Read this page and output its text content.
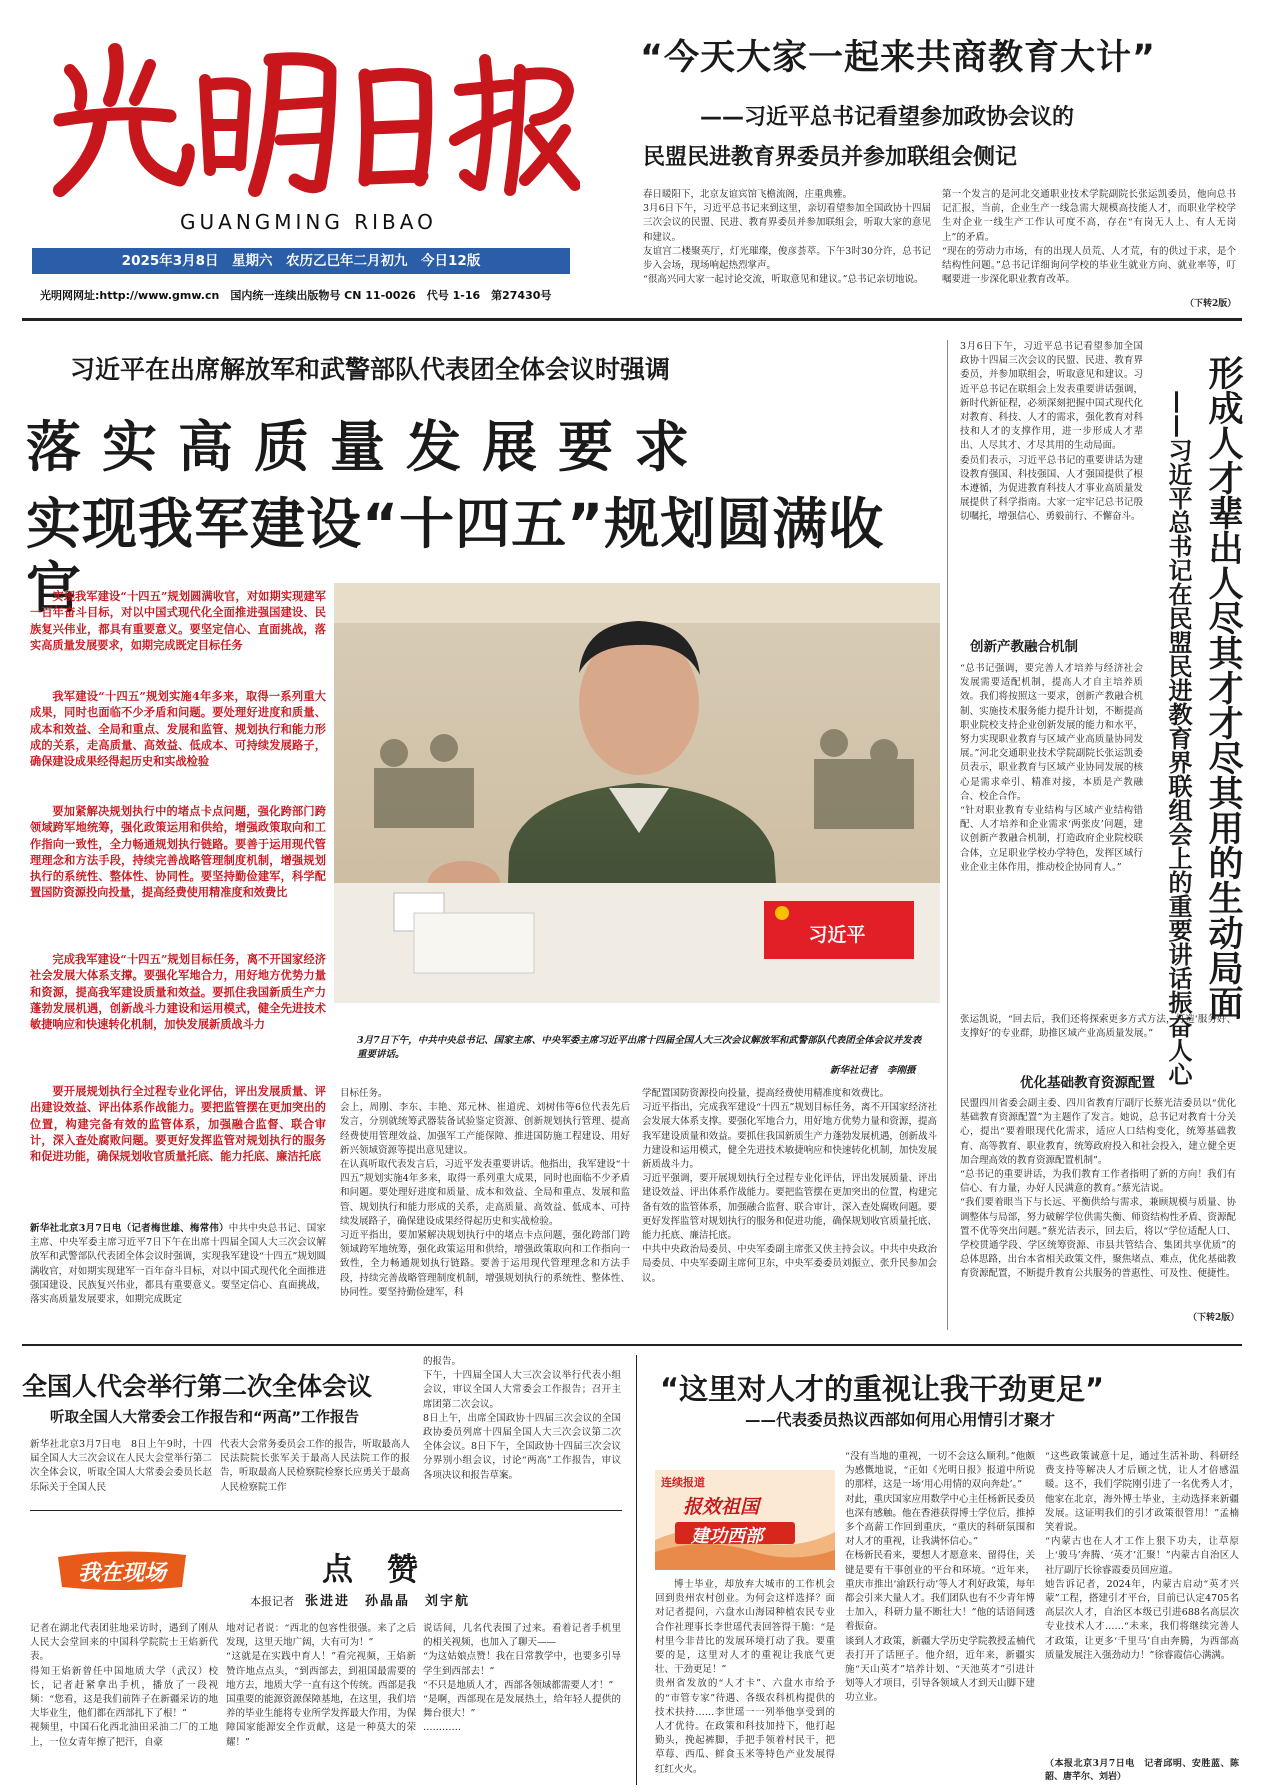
GUANGMING RIBAO
2025年3月8日　星期六　农历乙巳年二月初九　今日12版
光明网网址:http://www.gmw.cn　国内统一连续出版物号 CN 11-0026　代号 1-16　第27430号
“今天大家一起来共商教育大计”
——习近平总书记看望参加政协会议的
民盟民进教育界委员并参加联组会侧记
春日暖阳下，北京友谊宾馆飞檐流阁，庄重典雅。
3月6日下午，习近平总书记来到这里，亲切看望参加全国政协十四届三次会议的民盟、民进、教育界委员并参加联组会，听取大家的意见和建议。
友谊宫二楼聚英厅，灯光璀璨，俊彦荟萃。下午3时30分许，总书记步入会场，现场响起热烈掌声。
“很高兴同大家一起讨论交流，听取意见和建议。”总书记亲切地说。
第一个发言的是河北交通职业技术学院副院长张运凯委员，他向总书记汇报，当前，企业生产一线急需大规模高技能人才，而职业学校学生对企业一线生产工作认可度不高，存在“有岗无人上、有人无岗上”的矛盾。
“现在的劳动力市场，有的出现人员荒、人才荒，有的供过于求，是个结构性问题。”总书记详细询问学校的毕业生就业方向、就业率等，叮嘱要进一步深化职业教育改革。
（下转2版）
习近平在出席解放军和武警部队代表团全体会议时强调
落实高质量发展要求
实现我军建设“十四五”规划圆满收官
实现我军建设“十四五”规划圆满收官，对如期实现建军一百年奋斗目标，对以中国式现代化全面推进强国建设、民族复兴伟业，都具有重要意义。要坚定信心、直面挑战，落实高质量发展要求，如期完成既定目标任务
我军建设“十四五”规划实施4年多来，取得一系列重大成果，同时也面临不少矛盾和问题。要处理好进度和质量、成本和效益、全局和重点、发展和监管、规划执行和能力形成的关系，走高质量、高效益、低成本、可持续发展路子，确保建设成果经得起历史和实战检验
要加紧解决规划执行中的堵点卡点问题，强化跨部门跨领域跨军地统筹，强化政策运用和供给，增强政策取向和工作指向一致性，全力畅通规划执行链路。要善于运用现代管理理念和方法手段，持续完善战略管理制度机制，增强规划执行的系统性、整体性、协同性。要坚持勤俭建军，科学配置国防资源投向投量，提高经费使用精准度和效费比
完成我军建设“十四五”规划目标任务，离不开国家经济社会发展大体系支撑。要强化军地合力，用好地方优势力量和资源，提高我军建设质量和效益。要抓住我国新质生产力蓬勃发展机遇，创新战斗力建设和运用模式，健全先进技术敏捷响应和快速转化机制，加快发展新质战斗力
要开展规划执行全过程专业化评估，评出发展质量、评出建设效益、评出体系作战能力。要把监管摆在更加突出的位置，构建完备有效的监管体系，加强融合监督、联合审计，深入查处腐败问题。要更好发挥监管对规划执行的服务和促进功能，确保规划收官质量托底、能力托底、廉洁托底
习近平
3月7日下午，中共中央总书记、国家主席、中央军委主席习近平出席十四届全国人大三次会议解放军和武警部队代表团全体会议并发表重要讲话。
新华社记者　李刚摄
新华社北京3月7日电（记者梅世雄、梅常伟）中共中央总书记、国家主席、中央军委主席习近平7日下午在出席十四届全国人大三次会议解放军和武警部队代表团全体会议时强调，实现我军建设“十四五”规划圆满收官，对如期实现建军一百年奋斗目标，对以中国式现代化全面推进强国建设、民族复兴伟业，都具有重要意义。要坚定信心、直面挑战，落实高质量发展要求，如期完成既定
目标任务。
会上，周刚、李东、丰艳、郑元林、崔道虎、刘树伟等6位代表先后发言，分别就统筹武器装备试验鉴定资源、创新规划执行管理、提高经费使用管理效益、加强军工产能保障、推进国防施工程建设、用好新兴领域资源等提出意见建议。
在认真听取代表发言后，习近平发表重要讲话。他指出，我军建设“十四五”规划实施4年多来，取得一系列重大成果，同时也面临不少矛盾和问题。要处理好进度和质量、成本和效益、全局和重点、发展和监管、规划执行和能力形成的关系，走高质量、高效益、低成本、可持续发展路子，确保建设成果经得起历史和实战检验。
习近平指出，要加紧解决规划执行中的堵点卡点问题，强化跨部门跨领域跨军地统筹，强化政策运用和供给，增强政策取向和工作指向一致性，全力畅通规划执行链路。要善于运用现代管理理念和方法手段，持续完善战略管理制度机制，增强规划执行的系统性、整体性、协同性。要坚持勤俭建军，科
学配置国防资源投向投量，提高经费使用精准度和效费比。
习近平指出，完成我军建设“十四五”规划目标任务，离不开国家经济社会发展大体系支撑。要强化军地合力，用好地方优势力量和资源，提高我军建设质量和效益。要抓住我国新质生产力蓬勃发展机遇，创新战斗力建设和运用模式，健全先进技术敏捷响应和快速转化机制，加快发展新质战斗力。
习近平强调，要开展规划执行全过程专业化评估，评出发展质量、评出建设效益、评出体系作战能力。要把监管摆在更加突出的位置，构建完备有效的监管体系，加强融合监督、联合审计，深入查处腐败问题。要更好发挥监管对规划执行的服务和促进功能，确保规划收官质量托底、能力托底、廉洁托底。
中共中央政治局委员、中央军委副主席张又侠主持会议。中共中央政治局委员、中央军委副主席何卫东，中央军委委员刘振立、张升民参加会议。
形成人才辈出人尽其才才尽其用的生动局面
——习近平总书记在民盟民进教育界联组会上的重要讲话振奋人心
3月6日下午，习近平总书记看望参加全国政协十四届三次会议的民盟、民进、教育界委员，并参加联组会，听取意见和建议。习近平总书记在联组会上发表重要讲话强调，新时代新征程，必须深刻把握中国式现代化对教育、科技、人才的需求，强化教育对科技和人才的支撑作用，进一步形成人才辈出、人尽其才、才尽其用的生动局面。
委员们表示，习近平总书记的重要讲话为建设教育强国、科技强国、人才强国提供了根本遵循，为促进教育科技人才事业高质量发展提供了科学指南。大家一定牢记总书记殷切嘱托，增强信心、勇毅前行、不懈奋斗。
创新产教融合机制
“总书记强调，要完善人才培养与经济社会发展需要适配机制，提高人才自主培养质效。我们将按照这一要求，创新产教融合机制、实施技术服务能力提升计划，不断提高职业院校支持企业创新发展的能力和水平，努力实现职业教育与区域产业高质量协同发展。”河北交通职业技术学院副院长张运凯委员表示，职业教育与区域产业协同发展的核心是需求牵引、精准对接，本质是产教融合、校企合作。
“针对职业教育专业结构与区域产业结构错配、人才培养和企业需求‘两张皮’问题，建议创新产教融合机制，打造政府企业院校联合体，立足职业学校办学特色，发挥区域行业企业主体作用，推动校企协同育人。”
张运凯说，“回去后，我们还将探索更多方式方法，打造‘服务好、支撑好’的专业群，助推区域产业高质量发展。”
优化基础教育资源配置
民盟四川省委会副主委、四川省教育厅副厅长蔡光洁委员以“优化基础教育资源配置”为主题作了发言。她说，总书记对教育十分关心，提出“要着眼现代化需求，适应人口结构变化，统筹基础教育、高等教育、职业教育，统筹政府投入和社会投入，建立健全更加合理高效的教育资源配置机制”。
“总书记的重要讲话，为我们教育工作者指明了新的方向！我们有信心、有力量，办好人民满意的教育。”蔡光洁说。
“我们要着眼当下与长远、平衡供给与需求，兼顾规模与质量、协调整体与局部，努力破解学位供需失衡、师资结构性矛盾、资源配置不优等突出问题。”蔡光洁表示，回去后，将以“学位适配人口、学校贯通学段、学区统筹资源、市县共管结合、集团共享优质”的总体思路，出台本省相关政策文件，聚焦堵点、难点，优化基础教育资源配置，不断提升教育公共服务的普惠性、可及性、便捷性。
（下转2版）
全国人代会举行第二次全体会议
听取全国人大常委会工作报告和“两高”工作报告
新华社北京3月7日电　8日上午9时，十四届全国人大三次会议在人民大会堂举行第二次全体会议，听取全国人大常委会委员长赵乐际关于全国人民
代表大会常务委员会工作的报告，听取最高人民法院院长张军关于最高人民法院工作的报告，听取最高人民检察院检察长应勇关于最高人民检察院工作
的报告。
下午，十四届全国人大三次会议举行代表小组会议，审议全国人大常委会工作报告；召开主席团第二次会议。
8日上午，出席全国政协十四届三次会议的全国政协委员列席十四届全国人大三次会议第二次全体会议。8日下午，全国政协十四届三次会议分界别小组会议，讨论“两高”工作报告，审议各项决议和报告草案。
我在现场	点赞
本报记者　 张进进　孙晶晶　刘宇航
记者在湖北代表团驻地采访时，遇到了刚从人民大会堂回来的中国科学院院士王焰新代表。
得知王焰新曾任中国地质大学（武汉）校长，记者赶紧拿出手机，播放了一段视频：“您看，这是我们前阵子在新疆采访的地大毕业生，他们都在西部扎下了根！”
视频里，中国石化西北油田采油二厂的工地上，一位女青年擦了把汗，自豪
地对记者说：“西北的包容性很强。来了之后发现，这里天地广阔，大有可为！”
“这就是在实践中育人！”看完视频，王焰新赞许地点点头，“到西部去，到祖国最需要的地方去，地质大学一直有这个传统。西部是我国重要的能源资源保障基地，在这里，我们培养的毕业生能将专业所学发挥最大作用，为保障国家能源安全作贡献，这是一种莫大的荣耀！”
说话间，几名代表围了过来。看着记者手机里的相关视频，也加入了聊天——
“为这姑娘点赞！我在日常教学中，也要多引导学生到西部去！”
“不只是地质人才，西部各领域都需要人才！”
“是啊，西部现在是发展热土，给年轻人提供的舞台很大！”
…………
“这里对人才的重视让我干劲更足”
——代表委员热议西部如何用心用情引才聚才
连续报道
报效祖国
建功西部
博士毕业，却放弃大城市的工作机会回到贵州农村创业。为何会这样选择？面对记者提问，六盘水山海园种植农民专业合作社理事长李世瑶代表回答得干脆：“是村里今非昔比的发展环境打动了我。要重要的是，这里对人才的重视让我底气更壮、干劲更足！”
贵州省发放的“人才卡”、六盘水市给予的“市管专家”待遇、各级农科机构提供的技术扶持……李世瑶一一列举他享受到的人才优待。在政策和科技加持下，他打起勤头，挽起裤脚，手把手领着村民干，把草莓、西瓜、鲜食玉米等特色产业发展得红红火火。
“没有当地的重视，一切不会这么顺利。”他颇为感慨地说，“正如《光明日报》报道中所说的那样，这是一场‘用心用情的双向奔赴’。”
对此，重庆国家应用数学中心主任杨新民委员也深有感触。他在香港获得博士学位后，推掉多个高薪工作回到重庆，“重庆的科研氛围和对人才的重视，让我满怀信心。”
在杨新民看来，要想人才愿意来、留得住，关键是要有干事创业的平台和环境。“近年来，重庆市推出‘渝跃行动’等人才利好政策，每年都会引来大量人才。我们团队也有不少青年博士加入，科研力量不断壮大！”他的话语间透着振奋。
谈到人才政策，新疆大学历史学院教授孟楠代表打开了话匣子。他介绍，近年来，新疆实施“天山英才”培养计划、“天池英才”引进计划等人才项目，引导各领域人才到天山脚下建功立业。
“这些政策诚意十足，通过生活补助、科研经费支持等解决人才后顾之忧，让人才倍感温暖。这不，我们学院刚引进了一名优秀人才，他家在北京，海外博士毕业，主动选择来新疆发展。这证明我们的引才政策很管用！”孟楠笑着说。
“内蒙古也在人才工作上狠下功夫，让草原上‘骏马’奔腾、‘英才’汇聚！”内蒙古自治区人社厅副厅长徐睿霞委员回应道。
她告诉记者，2024年，内蒙古启动“英才兴蒙”工程，搭建引才平台，目前已认定4705名高层次人才，自治区本级已引进688名高层次专业技术人才……“未来，我们将继续完善人才政策，让更多‘千里马’自由奔腾，为西部高质量发展注入强劲动力！”徐睿霞信心满满。
（本报北京3月7日电　记者邱明、安胜蓝、陈韶、唐芊尔、刘岩）
